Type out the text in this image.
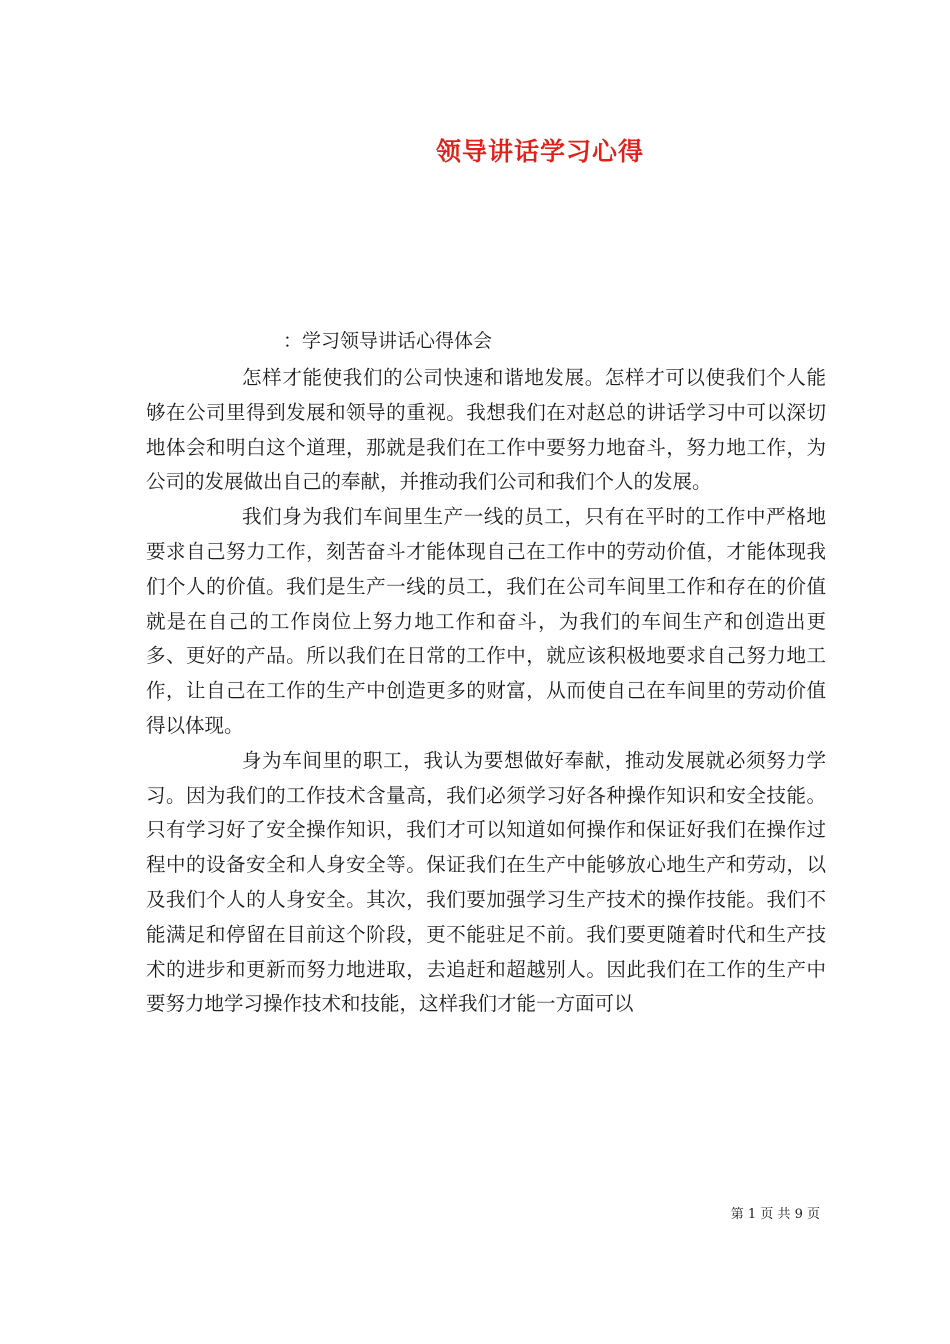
领导讲话学习心得
：学习领导讲话心得体会

怎样才能使我们的公司快速和谐地发展。怎样才可以使我们个人能够在公司里得到发展和领导的重视。我想我们在对赵总的讲话学习中可以深切地体会和明白这个道理，那就是我们在工作中要努力地奋斗，努力地工作，为公司的发展做出自己的奉献，并推动我们公司和我们个人的发展。

我们身为我们车间里生产一线的员工，只有在平时的工作中严格地要求自己努力工作，刻苦奋斗才能体现自己在工作中的劳动价值，才能体现我们个人的价值。我们是生产一线的员工，我们在公司车间里工作和存在的价值就是在自己的工作岗位上努力地工作和奋斗，为我们的车间生产和创造出更多、更好的产品。所以我们在日常的工作中，就应该积极地要求自己努力地工作，让自己在工作的生产中创造更多的财富，从而使自己在车间里的劳动价值得以体现。

身为车间里的职工，我认为要想做好奉献，推动发展就必须努力学习。因为我们的工作技术含量高，我们必须学习好各种操作知识和安全技能。只有学习好了安全操作知识，我们才可以知道如何操作和保证好我们在操作过程中的设备安全和人身安全等。保证我们在生产中能够放心地生产和劳动，以及我们个人的人身安全。其次，我们要加强学习生产技术的操作技能。我们不能满足和停留在目前这个阶段，更不能驻足不前。我们要更随着时代和生产技术的进步和更新而努力地进取，去追赶和超越别人。因此我们在工作的生产中要努力地学习操作技术和技能，这样我们才能一方面可以

第 1 页 共 9 页
